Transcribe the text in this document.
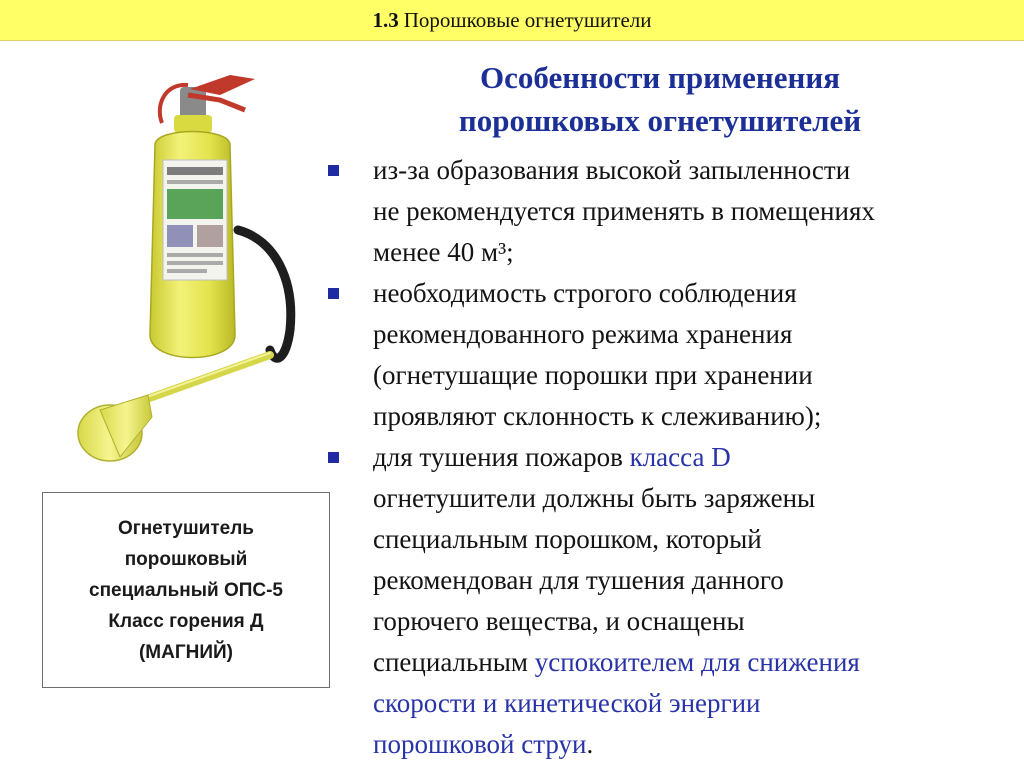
1.3 Порошковые огнетушители
Особенности применения
порошковых огнетушителей
из-за образования высокой запыленности
не рекомендуется применять в помещениях
менее 40 м³;
необходимость строгого соблюдения
рекомендованного режима хранения
(огнетушащие порошки при хранении
проявляют склонность к слеживанию);
для тушения пожаров класса D
огнетушители должны быть заряжены
специальным порошком, который
рекомендован для тушения данного
горючего вещества, и оснащены
специальным успокоителем для снижения
скорости и кинетической энергии
порошковой струи.
Огнетушитель
порошковый
специальный ОПС-5
Класс горения Д
(МАГНИЙ)
